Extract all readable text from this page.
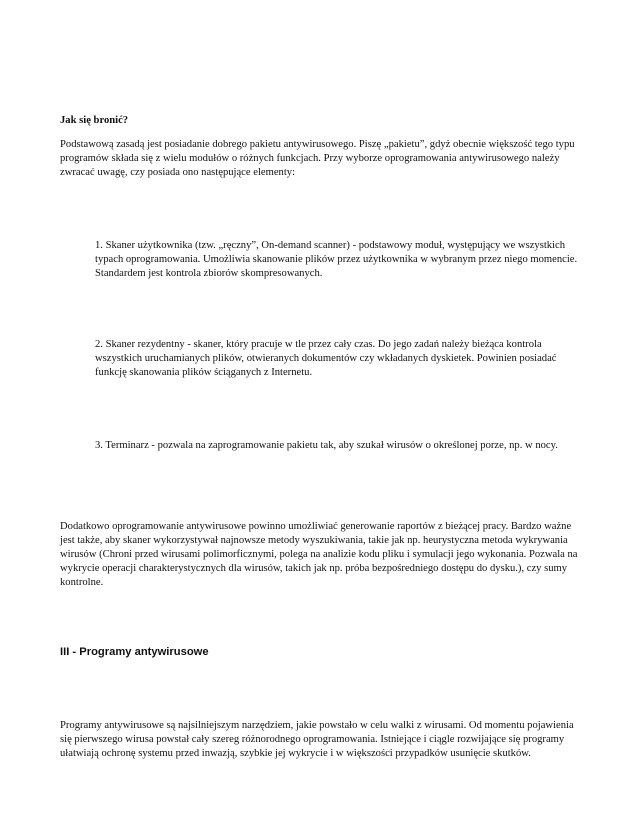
Jak się bronić?

Podstawową zasadą jest posiadanie dobrego pakietu antywirusowego. Piszę „pakietu”, gdyż obecnie większość tego typu programów składa się z wielu modułów o różnych funkcjach. Przy wyborze oprogramowania antywirusowego należy zwracać uwagę, czy posiada ono następujące elementy:

1. Skaner użytkownika (tzw. „ręczny”, On-demand scanner) - podstawowy moduł, występujący we wszystkich typach oprogramowania. Umożliwia skanowanie plików przez użytkownika w wybranym przez niego momencie. Standardem jest kontrola zbiorów skompresowanych.

2. Skaner rezydentny - skaner, który pracuje w tle przez cały czas. Do jego zadań należy bieżąca kontrola wszystkich uruchamianych plików, otwieranych dokumentów czy wkładanych dyskietek. Powinien posiadać funkcję skanowania plików ściąganych z Internetu.

3. Terminarz - pozwala na zaprogramowanie pakietu tak, aby szukał wirusów o określonej porze, np. w nocy.

Dodatkowo oprogramowanie antywirusowe powinno umożliwiać generowanie raportów z bieżącej pracy. Bardzo ważne jest także, aby skaner wykorzystywał najnowsze metody wyszukiwania, takie jak np. heurystyczna metoda wykrywania wirusów (Chroni przed wirusami polimorficznymi, polega na analizie kodu pliku i symulacji jego wykonania. Pozwala na wykrycie operacji charakterystycznych dla wirusów, takich jak np. próba bezpośredniego dostępu do dysku.), czy sumy kontrolne.

III - Programy antywirusowe

Programy antywirusowe są najsilniejszym narzędziem, jakie powstało w celu walki z wirusami. Od momentu pojawienia się pierwszego wirusa powstał cały szereg różnorodnego oprogramowania. Istniejące i ciągle rozwijające się programy ułatwiają ochronę systemu przed inwazją, szybkie jej wykrycie i w większości przypadków usunięcie skutków.
